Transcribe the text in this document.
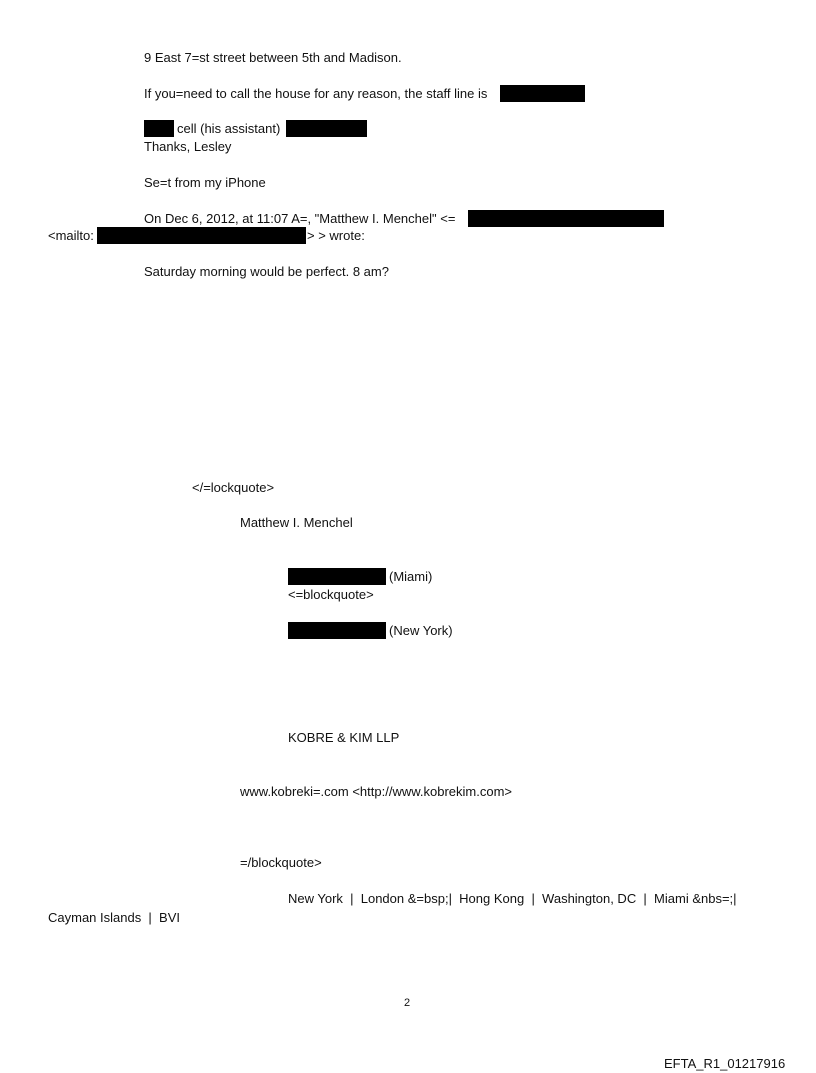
9 East 7=st street between 5th and Madison.
If you=need to call the house for any reason, the staff line is
cell (his assistant)
Thanks, Lesley
Se=t from my iPhone
On Dec 6, 2012, at 11:07 A=, "Matthew I. Menchel" <=
<mailto:	> > wrote:
Saturday morning would be perfect. 8 am?
</=lockquote>
Matthew I. Menchel
(Miami)
<=blockquote>
(New York)
KOBRE & KIM LLP
www.kobreki=.com <http://www.kobrekim.com>
=/blockquote>
New York  |  London &=bsp;|  Hong Kong  |  Washington, DC  |  Miami &nbs=;|
Cayman Islands  |  BVI
2
EFTA_R1_01217916
